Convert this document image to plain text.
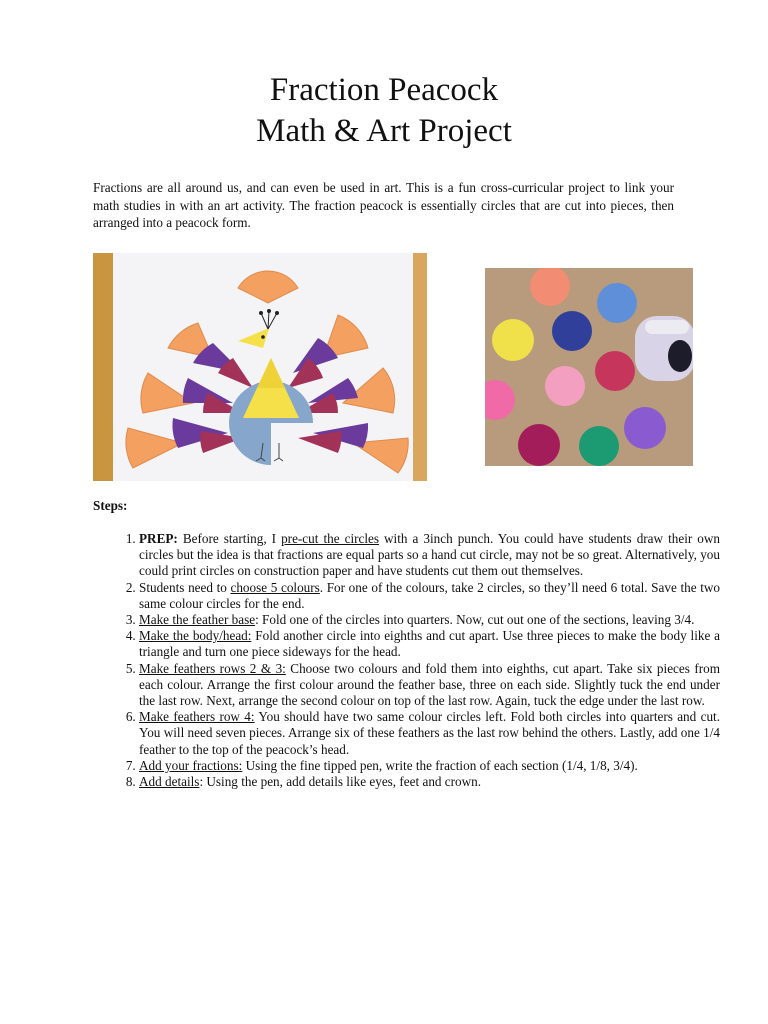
Fraction Peacock
Math & Art Project

Fractions are all around us, and can even be used in art. This is a fun cross-curricular project to link your math studies in with an art activity. The fraction peacock is essentially circles that are cut into pieces, then arranged into a peacock form.

Steps:
1. PREP: Before starting, I pre-cut the circles with a 3inch punch. You could have students draw their own circles but the idea is that fractions are equal parts so a hand cut circle, may not be so great. Alternatively, you could print circles on construction paper and have students cut them out themselves.
2. Students need to choose 5 colours. For one of the colours, take 2 circles, so they’ll need 6 total. Save the two same colour circles for the end.
3. Make the feather base: Fold one of the circles into quarters. Now, cut out one of the sections, leaving 3/4.
4. Make the body/head: Fold another circle into eighths and cut apart. Use three pieces to make the body like a triangle and turn one piece sideways for the head.
5. Make feathers rows 2 & 3: Choose two colours and fold them into eighths, cut apart. Take six pieces from each colour. Arrange the first colour around the feather base, three on each side. Slightly tuck the end under the last row. Next, arrange the second colour on top of the last row. Again, tuck the edge under the last row.
6. Make feathers row 4: You should have two same colour circles left. Fold both circles into quarters and cut. You will need seven pieces. Arrange six of these feathers as the last row behind the others. Lastly, add one 1/4 feather to the top of the peacock’s head.
7. Add your fractions: Using the fine tipped pen, write the fraction of each section (1/4, 1/8, 3/4).
8. Add details: Using the pen, add details like eyes, feet and crown.
